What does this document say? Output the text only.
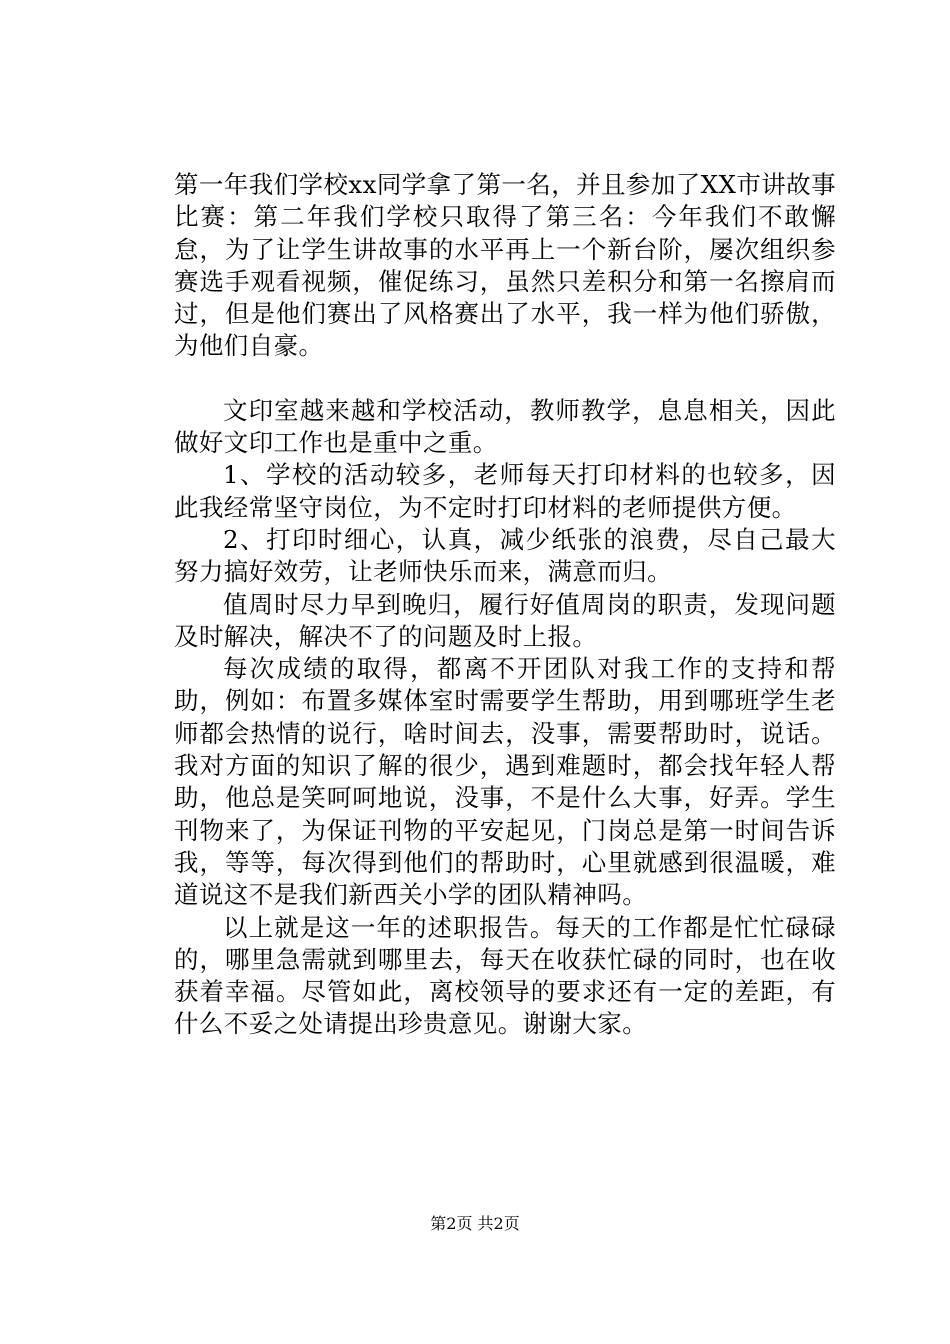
第一年我们学校xx同学拿了第一名，并且参加了XX市讲故事比赛：第二年我们学校只取得了第三名：今年我们不敢懈怠，为了让学生讲故事的水平再上一个新台阶，屡次组织参赛选手观看视频，催促练习，虽然只差积分和第一名擦肩而过，但是他们赛出了风格赛出了水平，我一样为他们骄傲，为他们自豪。

文印室越来越和学校活动，教师教学，息息相关，因此做好文印工作也是重中之重。

1、学校的活动较多，老师每天打印材料的也较多，因此我经常坚守岗位，为不定时打印材料的老师提供方便。

2、打印时细心，认真，减少纸张的浪费，尽自己最大努力搞好效劳，让老师快乐而来，满意而归。

值周时尽力早到晚归，履行好值周岗的职责，发现问题及时解决，解决不了的问题及时上报。

每次成绩的取得，都离不开团队对我工作的支持和帮助，例如：布置多媒体室时需要学生帮助，用到哪班学生老师都会热情的说行，啥时间去，没事，需要帮助时，说话。我对方面的知识了解的很少，遇到难题时，都会找年轻人帮助，他总是笑呵呵地说，没事，不是什么大事，好弄。学生刊物来了，为保证刊物的平安起见，门岗总是第一时间告诉我，等等，每次得到他们的帮助时，心里就感到很温暖，难道说这不是我们新西关小学的团队精神吗。

以上就是这一年的述职报告。每天的工作都是忙忙碌碌的，哪里急需就到哪里去，每天在收获忙碌的同时，也在收获着幸福。尽管如此，离校领导的要求还有一定的差距，有什么不妥之处请提出珍贵意见。谢谢大家。

第2页 共2页
